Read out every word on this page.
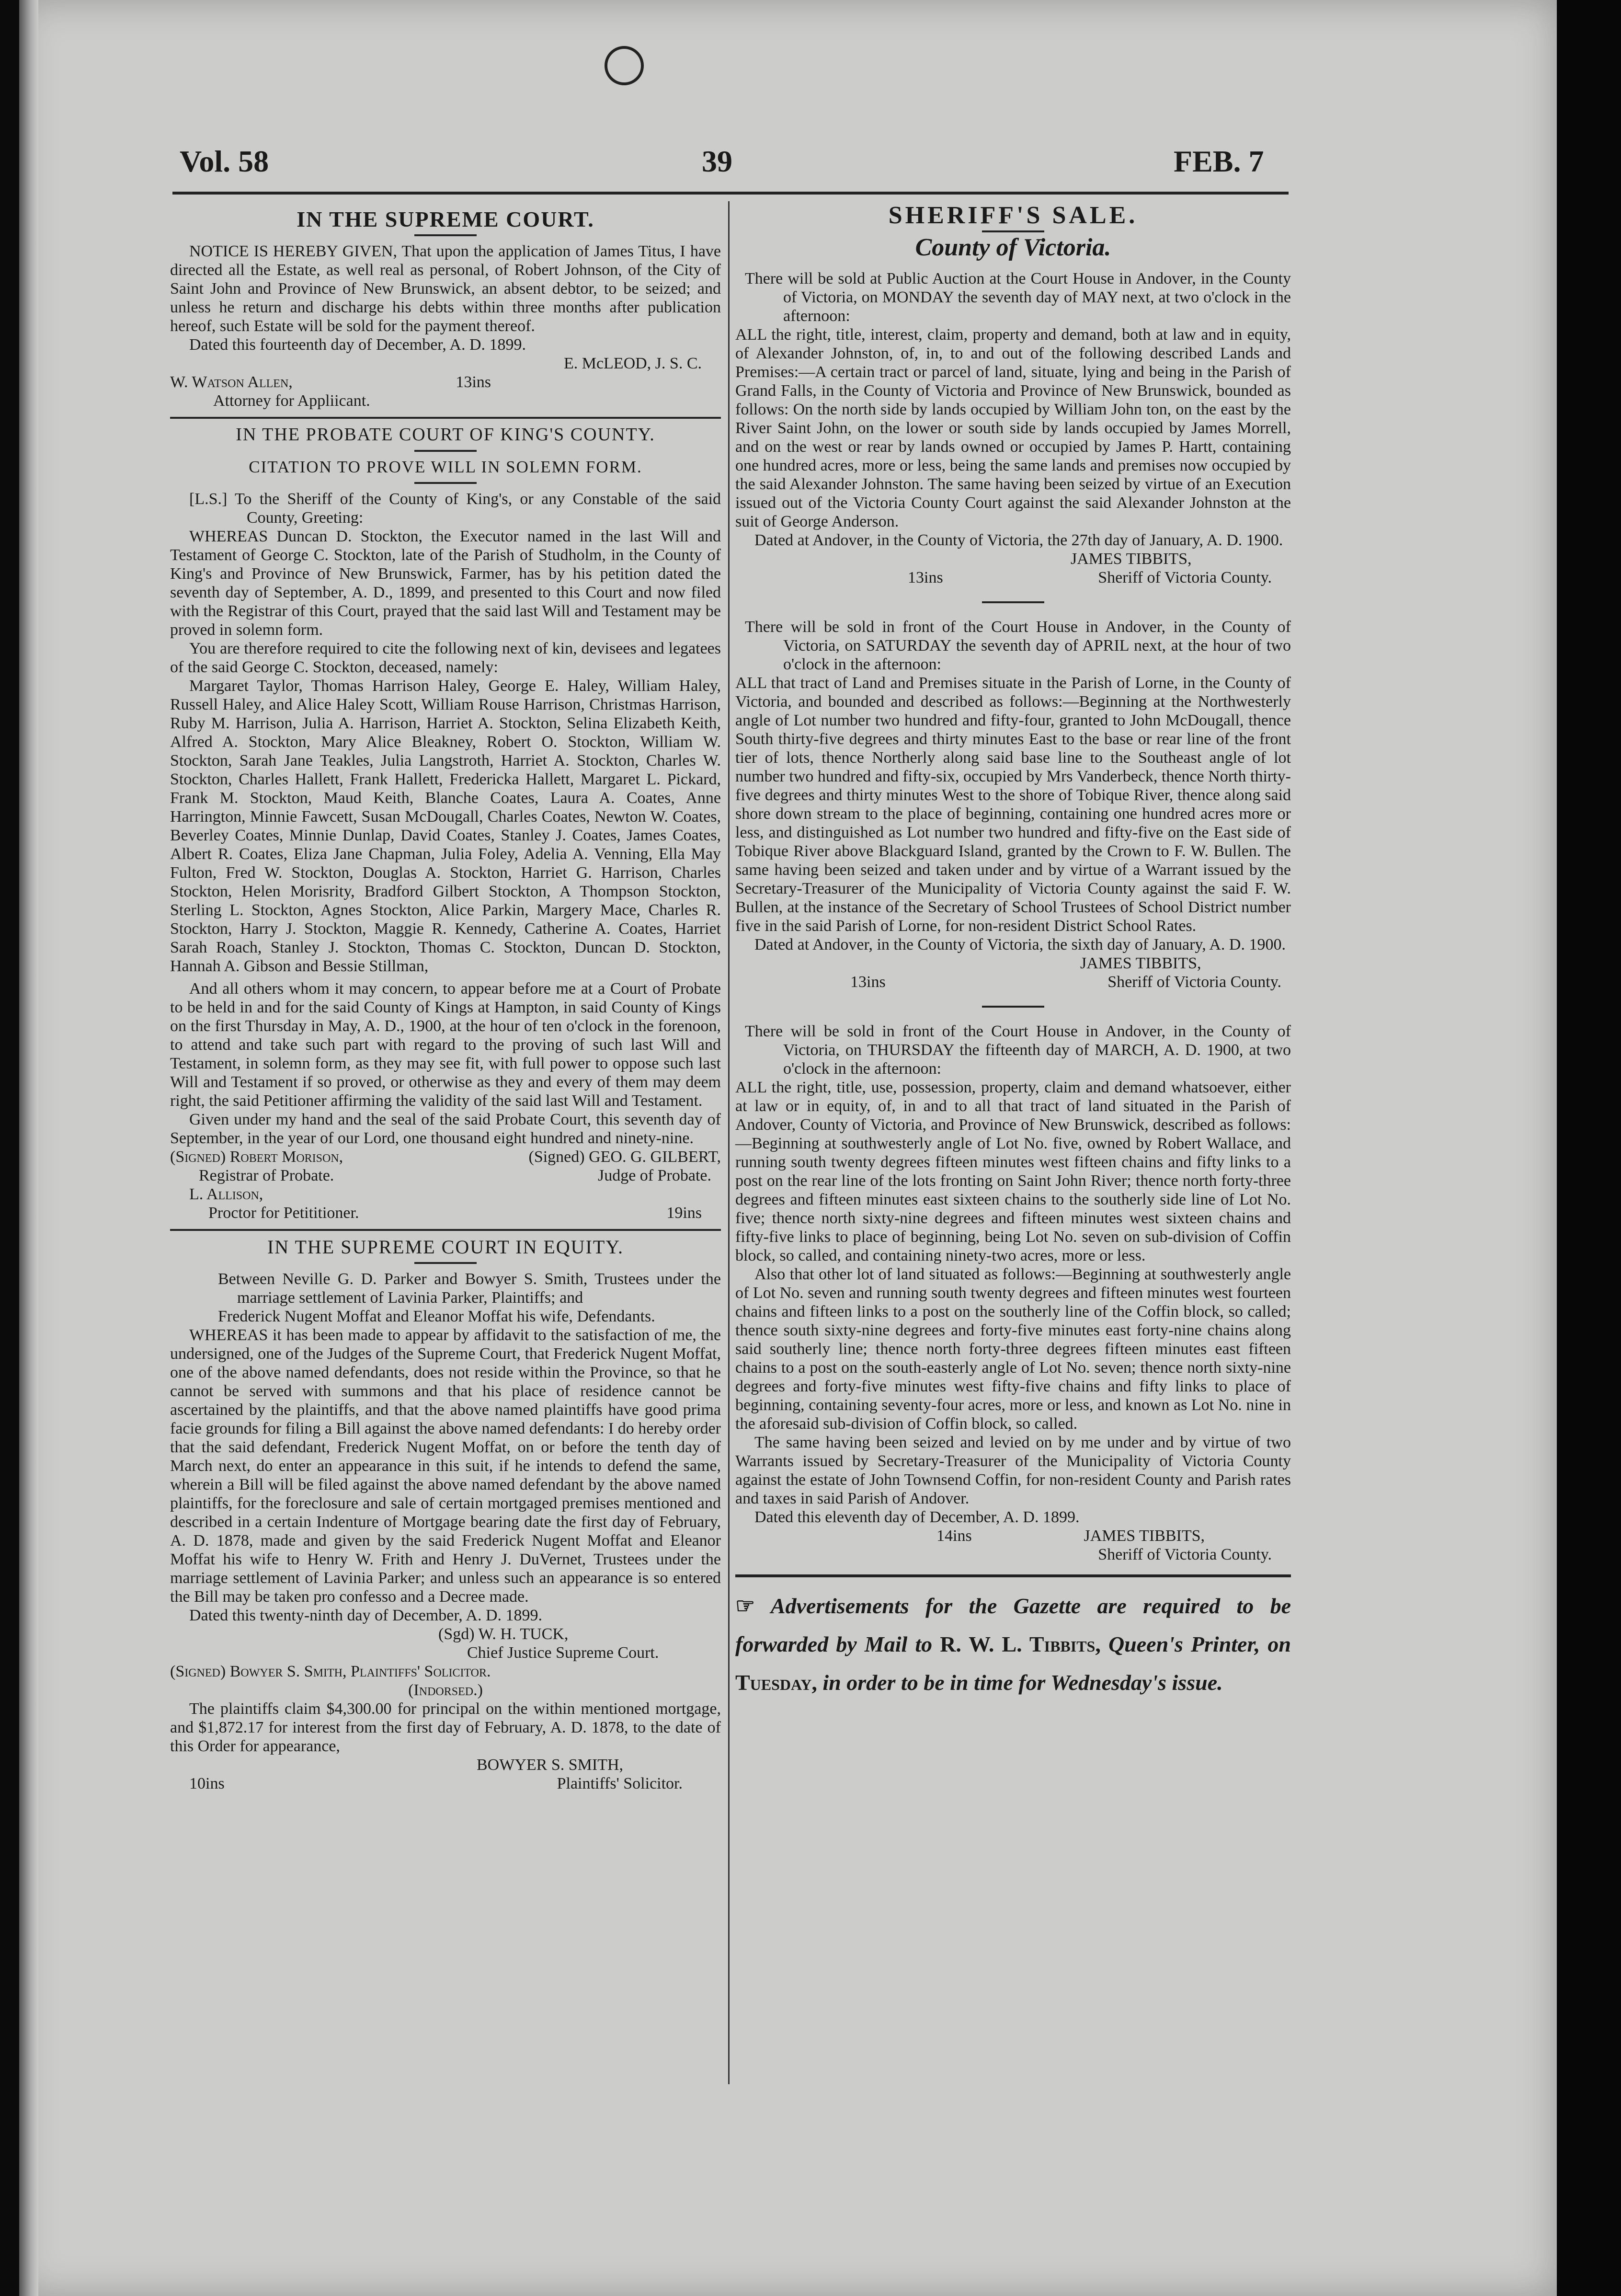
Vol. 58	39	FEB. 7
IN THE SUPREME COURT.

NOTICE IS HEREBY GIVEN, That upon the application of James Titus, I have directed all the Estate, as well real as personal, of Robert Johnson, of the City of Saint John and Province of New Brunswick, an absent debtor, to be seized; and unless he return and discharge his debts within three months after publication hereof, such Estate will be sold for the payment thereof.

Dated this fourteenth day of December, A. D. 1899.

E. McLEOD, J. S. C.

W. Watson Allen,	13ins

Attorney for Appliicant.

IN THE PROBATE COURT OF KING'S COUNTY.

CITATION TO PROVE WILL IN SOLEMN FORM.

[L.S.] To the Sheriff of the County of King's, or any Constable of the said County, Greeting:

WHEREAS Duncan D. Stockton, the Executor named in the last Will and Testament of George C. Stockton, late of the Parish of Studholm, in the County of King's and Province of New Brunswick, Farmer, has by his petition dated the seventh day of September, A. D., 1899, and presented to this Court and now filed with the Registrar of this Court, prayed that the said last Will and Testament may be proved in solemn form.

You are therefore required to cite the following next of kin, devisees and legatees of the said George C. Stockton, deceased, namely:

Margaret Taylor, Thomas Harrison Haley, George E. Haley, William Haley, Russell Haley, and Alice Haley Scott, William Rouse Harrison, Christmas Harrison, Ruby M. Harrison, Julia A. Harrison, Harriet A. Stockton, Selina Elizabeth Keith, Alfred A. Stockton, Mary Alice Bleakney, Robert O. Stockton, William W. Stockton, Sarah Jane Teakles, Julia Langstroth, Harriet A. Stockton, Charles W. Stockton, Charles Hallett, Frank Hallett, Fredericka Hallett, Margaret L. Pickard, Frank M. Stockton, Maud Keith, Blanche Coates, Laura A. Coates, Anne Harrington, Minnie Fawcett, Susan McDougall, Charles Coates, Newton W. Coates, Beverley Coates, Minnie Dunlap, David Coates, Stanley J. Coates, James Coates, Albert R. Coates, Eliza Jane Chapman, Julia Foley, Adelia A. Venning, Ella May Fulton, Fred W. Stockton, Douglas A. Stockton, Harriet G. Harrison, Charles Stockton, Helen Morisrity, Bradford Gilbert Stockton, A Thompson Stockton, Sterling L. Stockton, Agnes Stockton, Alice Parkin, Margery Mace, Charles R. Stockton, Harry J. Stockton, Maggie R. Kennedy, Catherine A. Coates, Harriet Sarah Roach, Stanley J. Stockton, Thomas C. Stockton, Duncan D. Stockton, Hannah A. Gibson and Bessie Stillman,

And all others whom it may concern, to appear before me at a Court of Probate to be held in and for the said County of Kings at Hampton, in said County of Kings on the first Thursday in May, A. D., 1900, at the hour of ten o'clock in the forenoon, to attend and take such part with regard to the proving of such last Will and Testament, in solemn form, as they may see fit, with full power to oppose such last Will and Testament if so proved, or otherwise as they and every of them may deem right, the said Petitioner affirming the validity of the said last Will and Testament.

Given under my hand and the seal of the said Probate Court, this seventh day of September, in the year of our Lord, one thousand eight hundred and ninety-nine.

(Signed) Robert Morison,	(Signed) GEO. G. GILBERT,
Registrar of Probate.	Judge of Probate.

L. Allison,

Proctor for Petititioner.	19ins

IN THE SUPREME COURT IN EQUITY.

Between Neville G. D. Parker and Bowyer S. Smith, Trustees under the marriage settlement of Lavinia Parker, Plaintiffs; and

Frederick Nugent Moffat and Eleanor Moffat his wife, Defendants.

WHEREAS it has been made to appear by affidavit to the satisfaction of me, the undersigned, one of the Judges of the Supreme Court, that Frederick Nugent Moffat, one of the above named defendants, does not reside within the Province, so that he cannot be served with summons and that his place of residence cannot be ascertained by the plaintiffs, and that the above named plaintiffs have good prima facie grounds for filing a Bill against the above named defendants: I do hereby order that the said defendant, Frederick Nugent Moffat, on or before the tenth day of March next, do enter an appearance in this suit, if he intends to defend the same, wherein a Bill will be filed against the above named defendant by the above named plaintiffs, for the foreclosure and sale of certain mortgaged premises mentioned and described in a certain Indenture of Mortgage bearing date the first day of February, A. D. 1878, made and given by the said Frederick Nugent Moffat and Eleanor Moffat his wife to Henry W. Frith and Henry J. DuVernet, Trustees under the marriage settlement of Lavinia Parker; and unless such an appearance is so entered the Bill may be taken pro confesso and a Decree made.

Dated this twenty-ninth day of December, A. D. 1899.

(Sgd) W. H. TUCK,

Chief Justice Supreme Court.

(Signed) Bowyer S. Smith, Plaintiffs' Solicitor.

(Indorsed.)

The plaintiffs claim $4,300.00 for principal on the within mentioned mortgage, and $1,872.17 for interest from the first day of February, A. D. 1878, to the date of this Order for appearance,

BOWYER S. SMITH,

10ins	Plaintiffs' Solicitor.

SHERIFF'S SALE.

County of Victoria.

There will be sold at Public Auction at the Court House in Andover, in the County of Victoria, on MONDAY the seventh day of MAY next, at two o'clock in the afternoon:

ALL the right, title, interest, claim, property and demand, both at law and in equity, of Alexander Johnston, of, in, to and out of the following described Lands and Premises:—A certain tract or parcel of land, situate, lying and being in the Parish of Grand Falls, in the County of Victoria and Province of New Brunswick, bounded as follows: On the north side by lands occupied by William John ton, on the east by the River Saint John, on the lower or south side by lands occupied by James Morrell, and on the west or rear by lands owned or occupied by James P. Hartt, containing one hundred acres, more or less, being the same lands and premises now occupied by the said Alexander Johnston. The same having been seized by virtue of an Execution issued out of the Victoria County Court against the said Alexander Johnston at the suit of George Anderson.

Dated at Andover, in the County of Victoria, the 27th day of January, A. D. 1900.

JAMES TIBBITS,

13ins	Sheriff of Victoria County.

There will be sold in front of the Court House in Andover, in the County of Victoria, on SATURDAY the seventh day of APRIL next, at the hour of two o'clock in the afternoon:

ALL that tract of Land and Premises situate in the Parish of Lorne, in the County of Victoria, and bounded and described as follows:—Beginning at the Northwesterly angle of Lot number two hundred and fifty-four, granted to John McDougall, thence South thirty-five degrees and thirty minutes East to the base or rear line of the front tier of lots, thence Northerly along said base line to the Southeast angle of lot number two hundred and fifty-six, occupied by Mrs Vanderbeck, thence North thirty-five degrees and thirty minutes West to the shore of Tobique River, thence along said shore down stream to the place of beginning, containing one hundred acres more or less, and distinguished as Lot number two hundred and fifty-five on the East side of Tobique River above Blackguard Island, granted by the Crown to F. W. Bullen. The same having been seized and taken under and by virtue of a Warrant issued by the Secretary-Treasurer of the Municipality of Victoria County against the said F. W. Bullen, at the instance of the Secretary of School Trustees of School District number five in the said Parish of Lorne, for non-resident District School Rates.

Dated at Andover, in the County of Victoria, the sixth day of January, A. D. 1900.

JAMES TIBBITS,

13ins	Sheriff of Victoria County.

There will be sold in front of the Court House in Andover, in the County of Victoria, on THURSDAY the fifteenth day of MARCH, A. D. 1900, at two o'clock in the afternoon:

ALL the right, title, use, possession, property, claim and demand whatsoever, either at law or in equity, of, in and to all that tract of land situated in the Parish of Andover, County of Victoria, and Province of New Brunswick, described as follows:—Beginning at southwesterly angle of Lot No. five, owned by Robert Wallace, and running south twenty degrees fifteen minutes west fifteen chains and fifty links to a post on the rear line of the lots fronting on Saint John River; thence north forty-three degrees and fifteen minutes east sixteen chains to the southerly side line of Lot No. five; thence north sixty-nine degrees and fifteen minutes west sixteen chains and fifty-five links to place of beginning, being Lot No. seven on sub-division of Coffin block, so called, and containing ninety-two acres, more or less.

Also that other lot of land situated as follows:—Beginning at southwesterly angle of Lot No. seven and running south twenty degrees and fifteen minutes west fourteen chains and fifteen links to a post on the southerly line of the Coffin block, so called; thence south sixty-nine degrees and forty-five minutes east forty-nine chains along said southerly line; thence north forty-three degrees fifteen minutes east fifteen chains to a post on the south-easterly angle of Lot No. seven; thence north sixty-nine degrees and forty-five minutes west fifty-five chains and fifty links to place of beginning, containing seventy-four acres, more or less, and known as Lot No. nine in the aforesaid sub-division of Coffin block, so called.

The same having been seized and levied on by me under and by virtue of two Warrants issued by Secretary-Treasurer of the Municipality of Victoria County against the estate of John Townsend Coffin, for non-resident County and Parish rates and taxes in said Parish of Andover.

Dated this eleventh day of December, A. D. 1899.

14ins	JAMES TIBBITS,

Sheriff of Victoria County.

☞ Advertisements for the Gazette are required to be forwarded by Mail to R. W. L. Tibbits, Queen's Printer, on Tuesday, in order to be in time for Wednesday's issue.
